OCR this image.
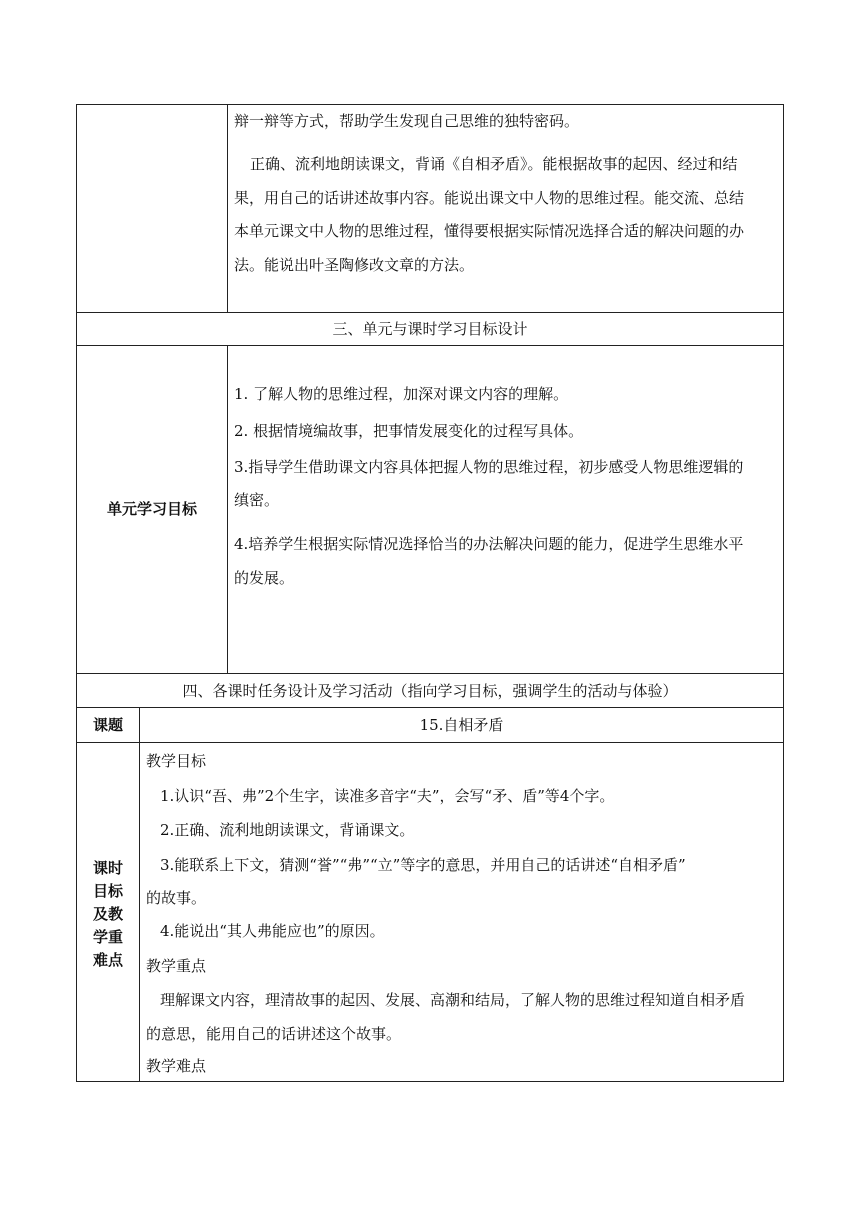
辩一辩等方式，帮助学生发现自己思维的独特密码。
正确、流利地朗读课文，背诵《自相矛盾》。能根据故事的起因、经过和结
果，用自己的话讲述故事内容。能说出课文中人物的思维过程。能交流、总结
本单元课文中人物的思维过程，懂得要根据实际情况选择合适的解决问题的办
法。能说出叶圣陶修改文章的方法。
三、单元与课时学习目标设计
单元学习目标
1. 了解人物的思维过程，加深对课文内容的理解。
2. 根据情境编故事，把事情发展变化的过程写具体。
3.指导学生借助课文内容具体把握人物的思维过程，初步感受人物思维逻辑的
缜密。
4.培养学生根据实际情况选择恰当的办法解决问题的能力，促进学生思维水平
的发展。
四、各课时任务设计及学习活动（指向学习目标，强调学生的活动与体验）
课题	15.自相矛盾
课时
目标
及教
学重
难点
教学目标
1.认识“吾、弗”2个生字，读准多音字“夫”，会写“矛、盾”等4个字。
2.正确、流利地朗读课文，背诵课文。
3.能联系上下文，猜测“誉”“弗”“立”等字的意思，并用自己的话讲述“自相矛盾”
的故事。
4.能说出“其人弗能应也”的原因。
教学重点
理解课文内容，理清故事的起因、发展、高潮和结局，了解人物的思维过程知道自相矛盾
的意思，能用自己的话讲述这个故事。
教学难点
